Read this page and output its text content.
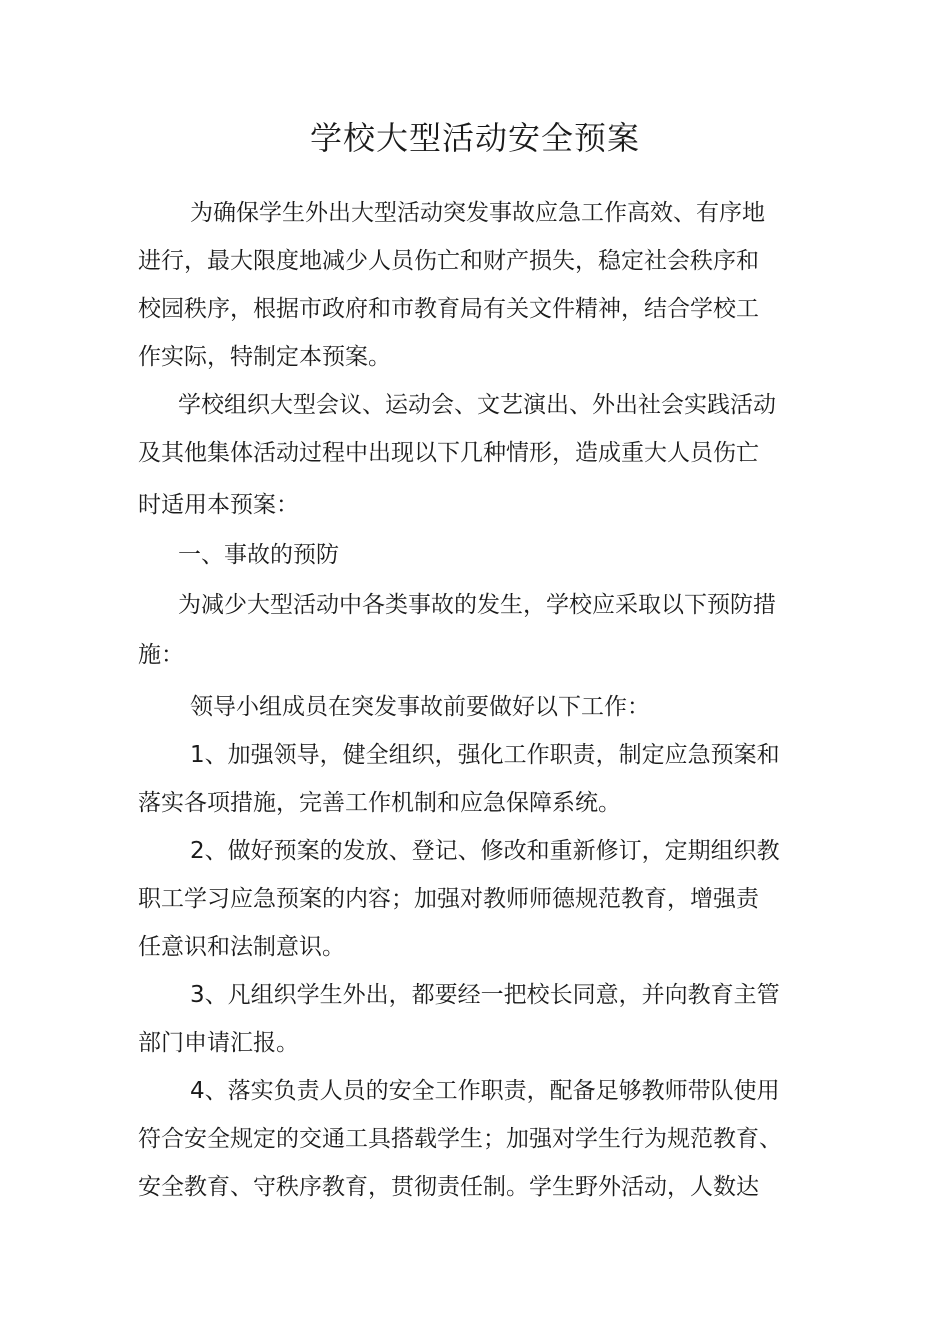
学校大型活动安全预案

为确保学生外出大型活动突发事故应急工作高效、有序地

进行，最大限度地减少人员伤亡和财产损失，稳定社会秩序和

校园秩序，根据市政府和市教育局有关文件精神，结合学校工

作实际，特制定本预案。

学校组织大型会议、运动会、文艺演出、外出社会实践活动

及其他集体活动过程中出现以下几种情形，造成重大人员伤亡

时适用本预案：

一、事故的预防

为减少大型活动中各类事故的发生，学校应采取以下预防措

施：

领导小组成员在突发事故前要做好以下工作：

1、加强领导，健全组织，强化工作职责，制定应急预案和

落实各项措施，完善工作机制和应急保障系统。

2、做好预案的发放、登记、修改和重新修订，定期组织教

职工学习应急预案的内容；加强对教师师德规范教育，增强责

任意识和法制意识。

3、凡组织学生外出，都要经一把校长同意，并向教育主管

部门申请汇报。

4、落实负责人员的安全工作职责，配备足够教师带队使用

符合安全规定的交通工具搭载学生；加强对学生行为规范教育、

安全教育、守秩序教育，贯彻责任制。学生野外活动，人数达
